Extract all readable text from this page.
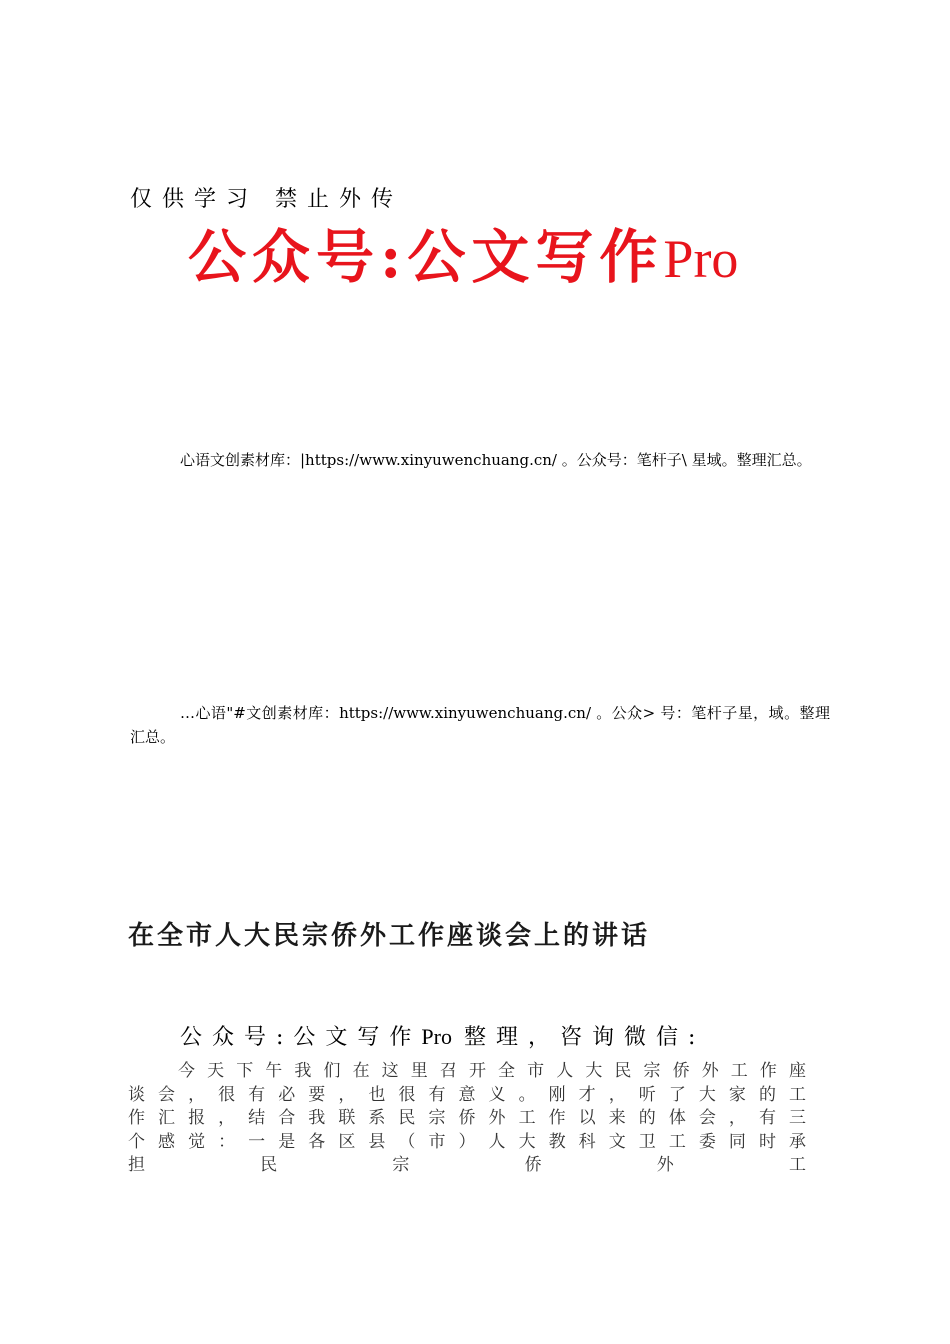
仅供学习 禁止外传
公众号:公文写作Pro
心语文创素材库：|https://www.xinyuwenchuang.cn/ 。公众号：笔杆子\ 星域。整理汇总。
…心语"#文创素材库：https://www.xinyuwenchuang.cn/ 。公众> 号：笔杆子星，域。整理汇总。
在全市人大民宗侨外工作座谈会上的讲话
公众号:公文写作Pro 整理，咨询微信:
今天下午我们在这里召开全市人大民宗侨外工作座谈会，很有必要，也很有意义。刚才，听了大家的工作汇报，结合我联系民宗侨外工作以来的体会，有三个感觉：一是各区县（市）人大教科文卫工委同时承担民宗侨外工
